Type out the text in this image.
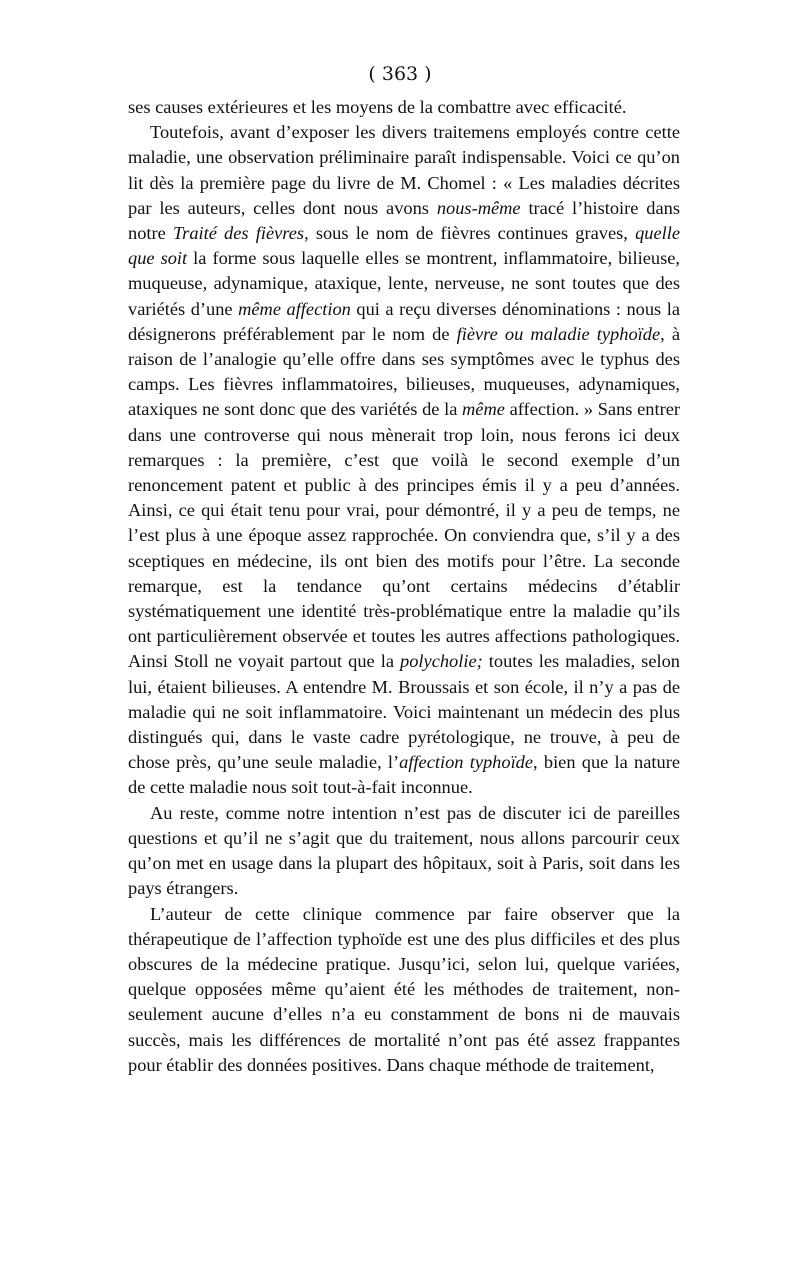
( 363 )

ses causes extérieures et les moyens de la combattre avec efficacité.

Toutefois, avant d’exposer les divers traitemens employés contre cette maladie, une observation préliminaire paraît indispensable. Voici ce qu’on lit dès la première page du livre de M. Chomel : « Les maladies décrites par les auteurs, celles dont nous avons nous-même tracé l’histoire dans notre Traité des fièvres, sous le nom de fièvres continues graves, quelle que soit la forme sous laquelle elles se montrent, inflammatoire, bilieuse, muqueuse, adynamique, ataxique, lente, nerveuse, ne sont toutes que des variétés d’une même affection qui a reçu diverses dénominations : nous la désignerons préférablement par le nom de fièvre ou maladie typhoïde, à raison de l’analogie qu’elle offre dans ses symptômes avec le typhus des camps. Les fièvres inflammatoires, bilieuses, muqueuses, adynamiques, ataxiques ne sont donc que des variétés de la même affection. » Sans entrer dans une controverse qui nous mènerait trop loin, nous ferons ici deux remarques : la première, c’est que voilà le second exemple d’un renoncement patent et public à des principes émis il y a peu d’années. Ainsi, ce qui était tenu pour vrai, pour démontré, il y a peu de temps, ne l’est plus à une époque assez rapprochée. On conviendra que, s’il y a des sceptiques en médecine, ils ont bien des motifs pour l’être. La seconde remarque, est la tendance qu’ont certains médecins d’établir systématiquement une identité très-problématique entre la maladie qu’ils ont particulièrement observée et toutes les autres affections pathologiques. Ainsi Stoll ne voyait partout que la polycholie; toutes les maladies, selon lui, étaient bilieuses. A entendre M. Broussais et son école, il n’y a pas de maladie qui ne soit inflammatoire. Voici maintenant un médecin des plus distingués qui, dans le vaste cadre pyrétologique, ne trouve, à peu de chose près, qu’une seule maladie, l’affection typhoïde, bien que la nature de cette maladie nous soit tout-à-fait inconnue.

Au reste, comme notre intention n’est pas de discuter ici de pareilles questions et qu’il ne s’agit que du traitement, nous allons parcourir ceux qu’on met en usage dans la plupart des hôpitaux, soit à Paris, soit dans les pays étrangers.

L’auteur de cette clinique commence par faire observer que la thérapeutique de l’affection typhoïde est une des plus difficiles et des plus obscures de la médecine pratique. Jusqu’ici, selon lui, quelque variées, quelque opposées même qu’aient été les méthodes de traitement, non-seulement aucune d’elles n’a eu constamment de bons ni de mauvais succès, mais les différences de mortalité n’ont pas été assez frappantes pour établir des données positives. Dans chaque méthode de traitement,
